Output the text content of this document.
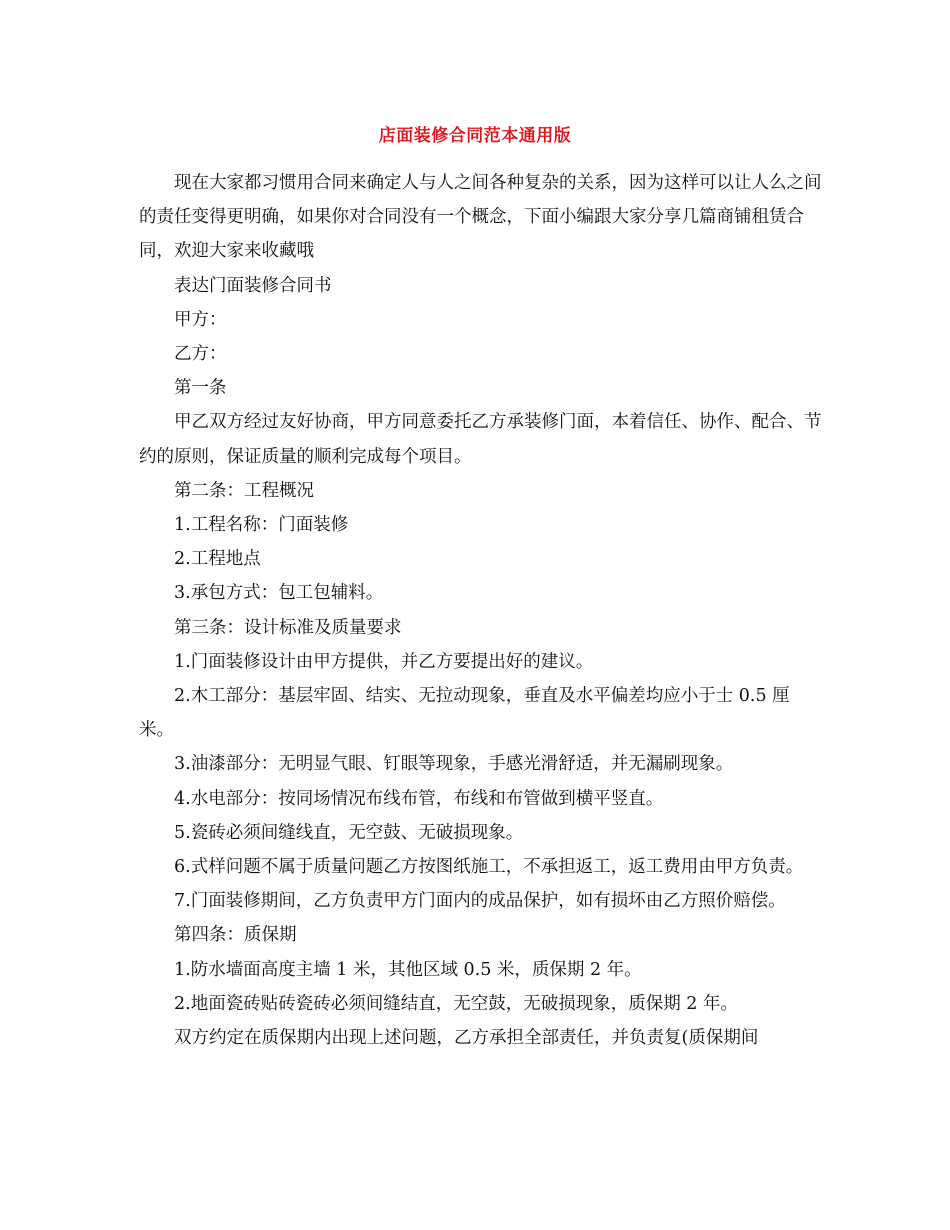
店面装修合同范本通用版

现在大家都习惯用合同来确定人与人之间各种复杂的关系，因为这样可以让人么之间的责任变得更明确，如果你对合同没有一个概念，下面小编跟大家分享几篇商铺租赁合同，欢迎大家来收藏哦

表达门面装修合同书

甲方：

乙方：

第一条

甲乙双方经过友好协商，甲方同意委托乙方承装修门面，本着信任、协作、配合、节约的原则，保证质量的顺利完成每个项目。

第二条：工程概况

1.工程名称：门面装修

2.工程地点

3.承包方式：包工包辅料。

第三条：设计标准及质量要求

1.门面装修设计由甲方提供，并乙方要提出好的建议。

2.木工部分：基层牢固、结实、无拉动现象，垂直及水平偏差均应小于士 0.5 厘米。

3.油漆部分：无明显气眼、钉眼等现象，手感光滑舒适，并无漏刷现象。

4.水电部分：按同场情况布线布管，布线和布管做到横平竖直。

5.瓷砖必须间缝线直，无空鼓、无破损现象。

6.式样问题不属于质量问题乙方按图纸施工，不承担返工，返工费用由甲方负责。

7.门面装修期间，乙方负责甲方门面内的成品保护，如有损坏由乙方照价赔偿。

第四条：质保期

1.防水墙面高度主墙 1 米，其他区域 0.5 米，质保期 2 年。

2.地面瓷砖贴砖瓷砖必须间缝结直，无空鼓，无破损现象，质保期 2 年。

双方约定在质保期内出现上述问题，乙方承担全部责任，并负责复(质保期间
